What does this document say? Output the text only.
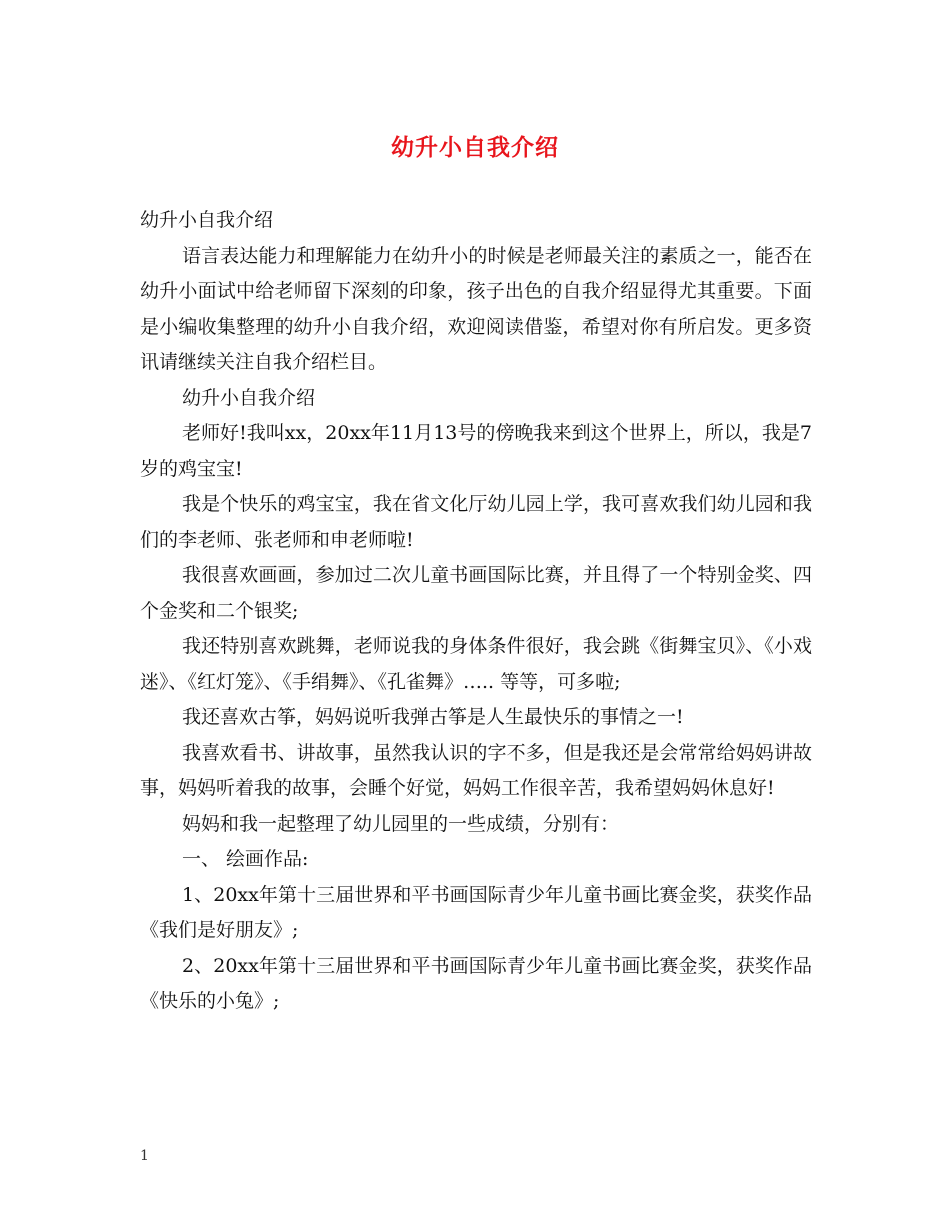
幼升小自我介绍

幼升小自我介绍

语言表达能力和理解能力在幼升小的时候是老师最关注的素质之一，能否在幼升小面试中给老师留下深刻的印象，孩子出色的自我介绍显得尤其重要。下面是小编收集整理的幼升小自我介绍，欢迎阅读借鉴，希望对你有所启发。更多资讯请继续关注自我介绍栏目。

幼升小自我介绍

老师好!我叫xx，20xx年11月13号的傍晚我来到这个世界上，所以，我是7岁的鸡宝宝!

我是个快乐的鸡宝宝，我在省文化厅幼儿园上学，我可喜欢我们幼儿园和我们的李老师、张老师和申老师啦!

我很喜欢画画，参加过二次儿童书画国际比赛，并且得了一个特别金奖、四个金奖和二个银奖;

我还特别喜欢跳舞，老师说我的身体条件很好，我会跳《街舞宝贝》、《小戏迷》、《红灯笼》、《手绢舞》、《孔雀舞》….. 等等，可多啦;

我还喜欢古筝，妈妈说听我弹古筝是人生最快乐的事情之一!

我喜欢看书、讲故事，虽然我认识的字不多，但是我还是会常常给妈妈讲故事，妈妈听着我的故事，会睡个好觉，妈妈工作很辛苦，我希望妈妈休息好!

妈妈和我一起整理了幼儿园里的一些成绩，分别有：

一、 绘画作品:

1、20xx年第十三届世界和平书画国际青少年儿童书画比赛金奖，获奖作品《我们是好朋友》;

2、20xx年第十三届世界和平书画国际青少年儿童书画比赛金奖，获奖作品《快乐的小兔》;

1
